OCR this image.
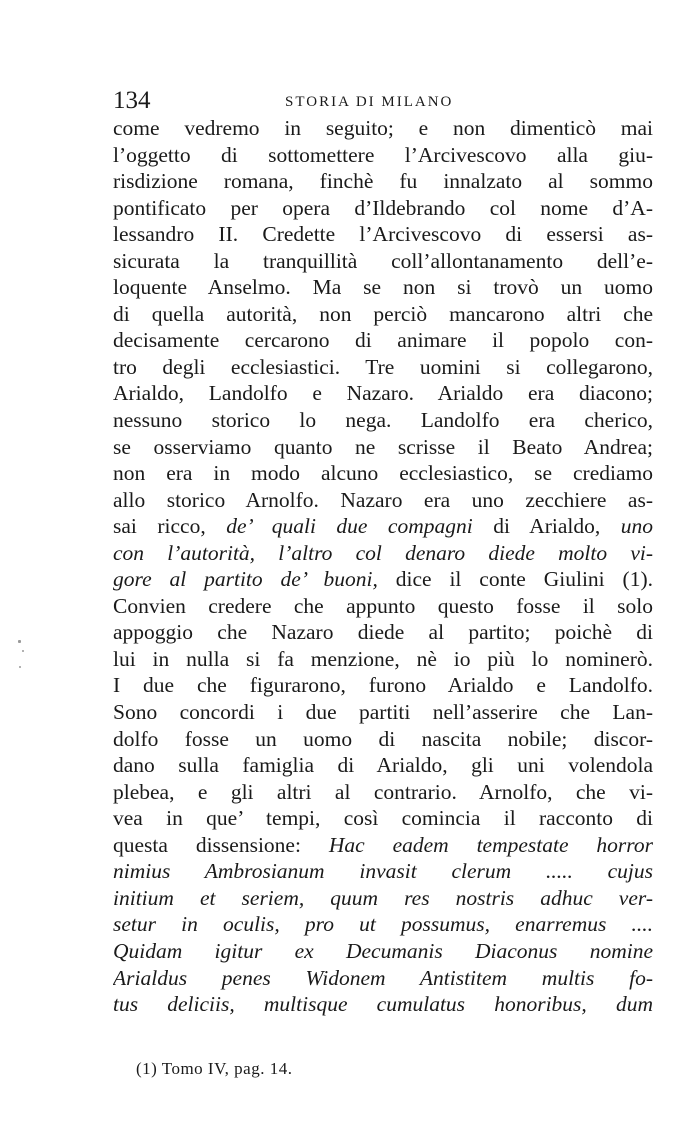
134	STORIA DI MILANO
come vedremo in seguito; e non dimenticò mai
l’oggetto di sottomettere l’Arcivescovo alla giu-
risdizione romana, finchè fu innalzato al sommo
pontificato per opera d’Ildebrando col nome d’A-
lessandro II. Credette l’Arcivescovo di essersi as-
sicurata la tranquillità coll’allontanamento dell’e-
loquente Anselmo. Ma se non si trovò un uomo
di quella autorità, non perciò mancarono altri che
decisamente cercarono di animare il popolo con-
tro degli ecclesiastici. Tre uomini si collegarono,
Arialdo, Landolfo e Nazaro. Arialdo era diacono;
nessuno storico lo nega. Landolfo era cherico,
se osserviamo quanto ne scrisse il Beato Andrea;
non era in modo alcuno ecclesiastico, se crediamo
allo storico Arnolfo. Nazaro era uno zecchiere as-
sai ricco, de’ quali due compagni di Arialdo, uno
con l’autorità, l’altro col denaro diede molto vi-
gore al partito de’ buoni, dice il conte Giulini (1).
Convien credere che appunto questo fosse il solo
appoggio che Nazaro diede al partito; poichè di
lui in nulla si fa menzione, nè io più lo nominerò.
I due che figurarono, furono Arialdo e Landolfo.
Sono concordi i due partiti nell’asserire che Lan-
dolfo fosse un uomo di nascita nobile; discor-
dano sulla famiglia di Arialdo, gli uni volendola
plebea, e gli altri al contrario. Arnolfo, che vi-
vea in que’ tempi, così comincia il racconto di
questa dissensione: Hac eadem tempestate horror
nimius Ambrosianum invasit clerum ..... cujus
initium et seriem, quum res nostris adhuc ver-
setur in oculis, pro ut possumus, enarremus ....
Quidam igitur ex Decumanis Diaconus nomine
Arialdus penes Widonem Antistitem multis fo-
tus deliciis, multisque cumulatus honoribus, dum
(1) Tomo IV, pag. 14.
